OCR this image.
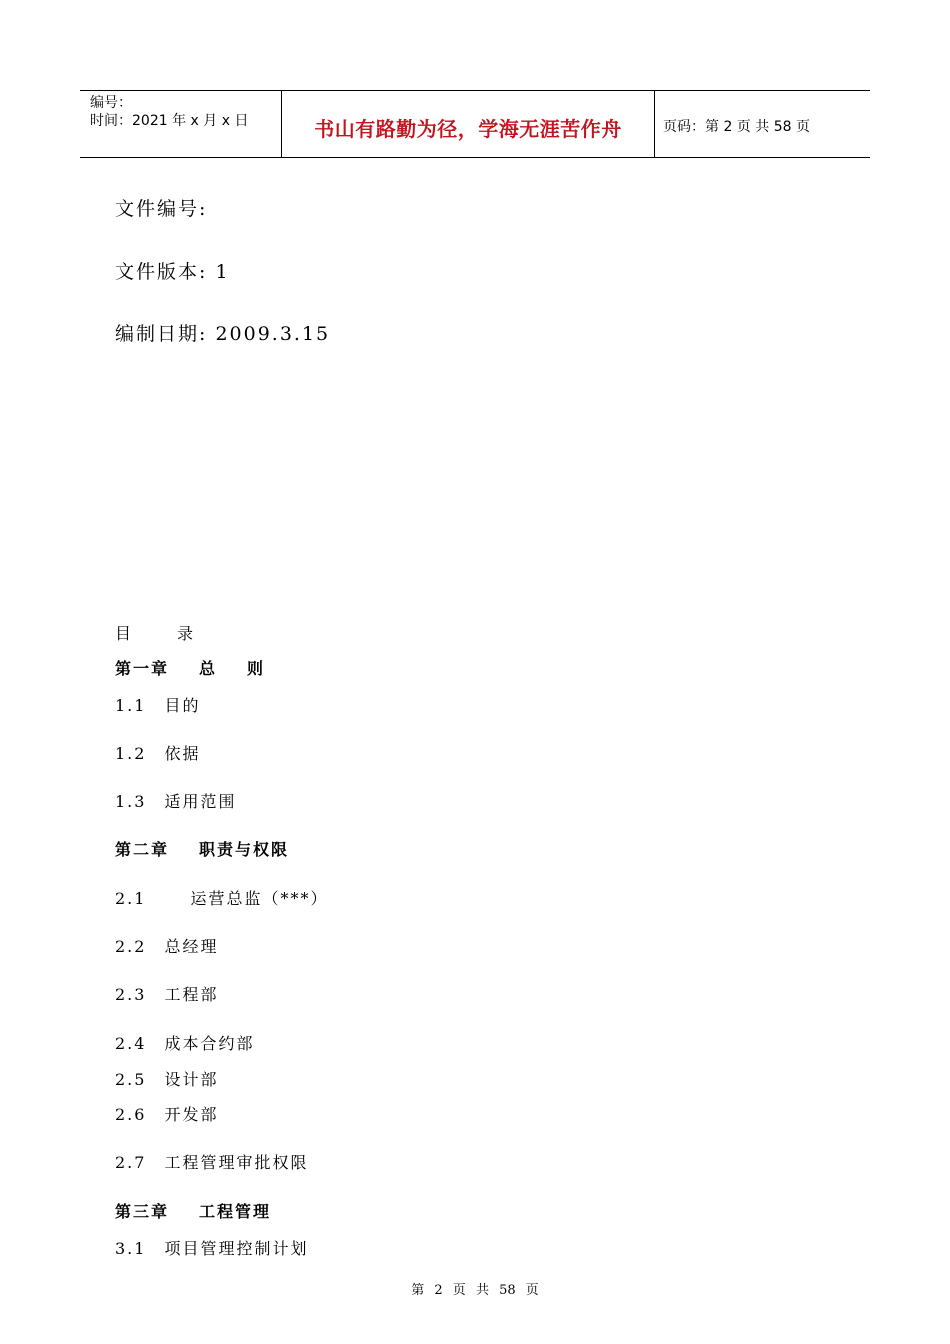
编号：
时间：2021 年 x 月 x 日	书山有路勤为径，学海无涯苦作舟	页码：第 2 页 共 58 页
文件编号:
文件版本: 1
编制日期: 2009.3.15
目	录
第一章 总 则
1.1 目的
1.2 依据
1.3 适用范围
第二章 职责与权限
2.1	运营总监（***）
2.2 总经理
2.3 工程部
2.4 成本合约部
2.5 设计部
2.6 开发部
2.7 工程管理审批权限
第三章 工程管理
3.1 项目管理控制计划
第 2 页 共 58 页
